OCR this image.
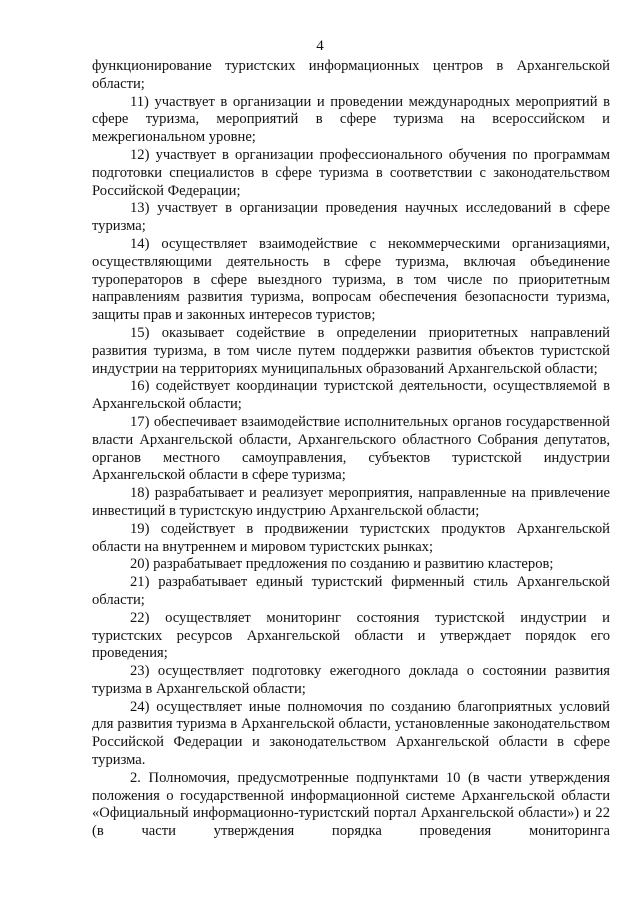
4

функционирование туристских информационных центров в Архангельской области;

11) участвует в организации и проведении международных мероприятий в сфере туризма, мероприятий в сфере туризма на всероссийском и межрегиональном уровне;

12) участвует в организации профессионального обучения по программам подготовки специалистов в сфере туризма в соответствии с законодательством Российской Федерации;

13) участвует в организации проведения научных исследований в сфере туризма;

14) осуществляет взаимодействие с некоммерческими организациями, осуществляющими деятельность в сфере туризма, включая объединение туроператоров в сфере выездного туризма, в том числе по приоритетным направлениям развития туризма, вопросам обеспечения безопасности туризма, защиты прав и законных интересов туристов;

15) оказывает содействие в определении приоритетных направлений развития туризма, в том числе путем поддержки развития объектов туристской индустрии на территориях муниципальных образований Архангельской области;

16) содействует координации туристской деятельности, осуществляемой в Архангельской области;

17) обеспечивает взаимодействие исполнительных органов государственной власти Архангельской области, Архангельского областного Собрания депутатов, органов местного самоуправления, субъектов туристской индустрии Архангельской области в сфере туризма;

18) разрабатывает и реализует мероприятия, направленные на привлечение инвестиций в туристскую индустрию Архангельской области;

19) содействует в продвижении туристских продуктов Архангельской области на внутреннем и мировом туристских рынках;

20) разрабатывает предложения по созданию и развитию кластеров;

21) разрабатывает единый туристский фирменный стиль Архангельской области;

22) осуществляет мониторинг состояния туристской индустрии и туристских ресурсов Архангельской области и утверждает порядок его проведения;

23) осуществляет подготовку ежегодного доклада о состоянии развития туризма в Архангельской области;

24) осуществляет иные полномочия по созданию благоприятных условий для развития туризма в Архангельской области, установленные законодательством Российской Федерации и законодательством Архангельской области в сфере туризма.

2. Полномочия, предусмотренные подпунктами 10 (в части утверждения положения о государственной информационной системе Архангельской области «Официальный информационно-туристский портал Архангельской области») и 22 (в части утверждения порядка проведения мониторинга
